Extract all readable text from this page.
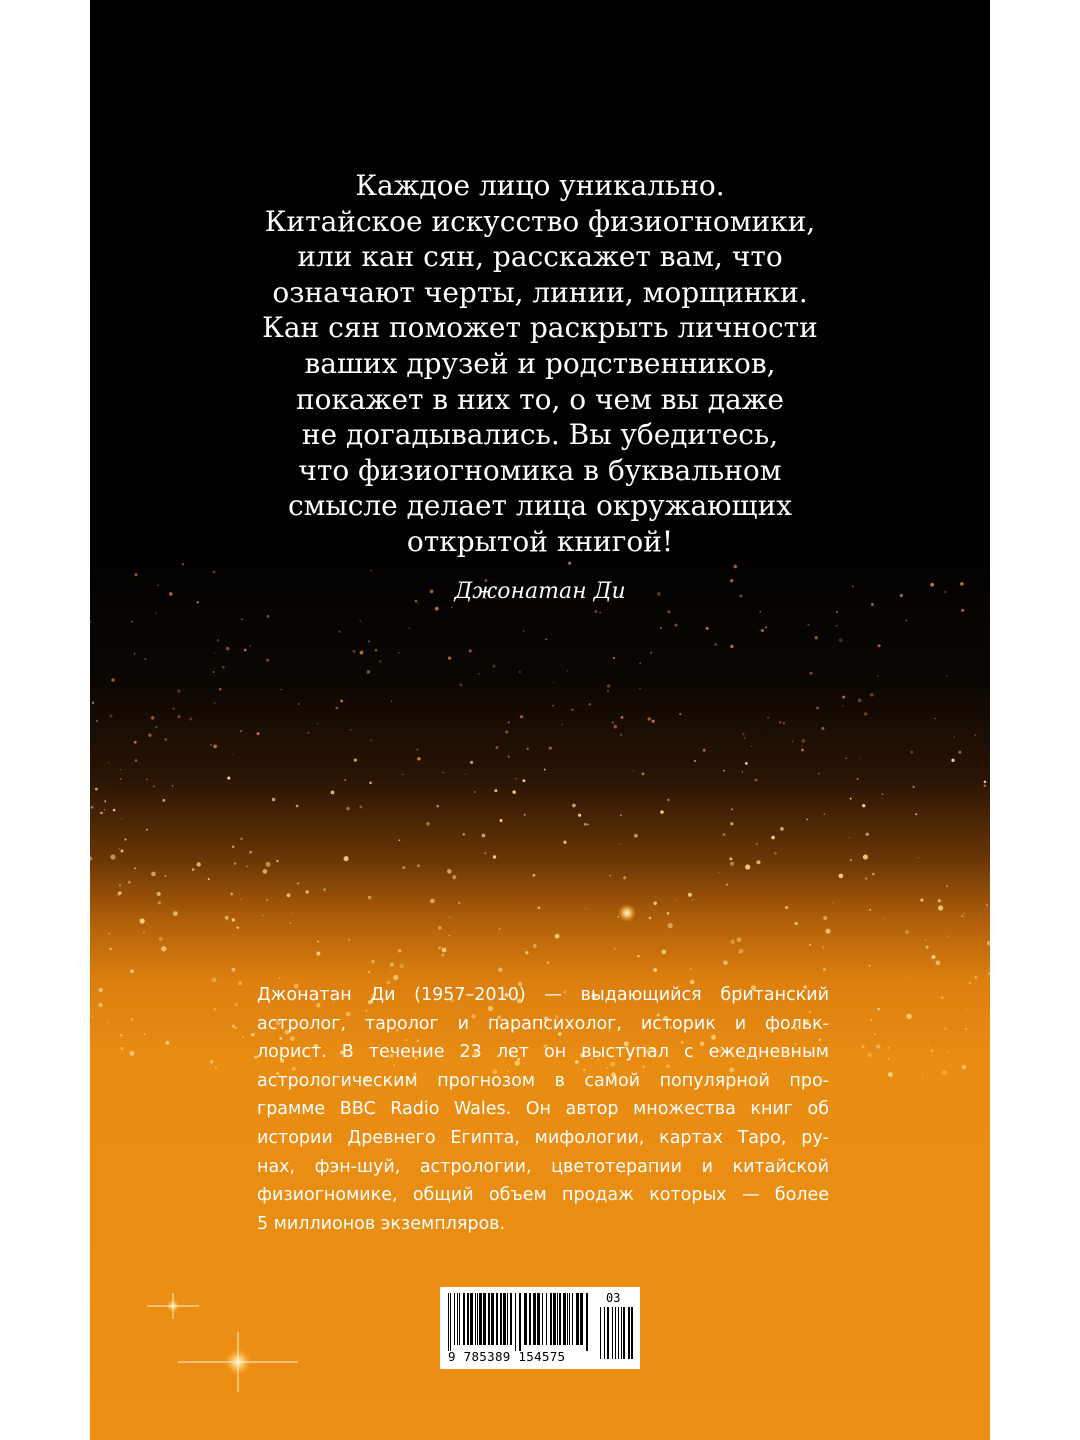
Каждое лицо уникально.
Китайское искусство физиогномики,
или кан сян, расскажет вам, что
означают черты, линии, морщинки.
Кан сян поможет раскрыть личности
ваших друзей и родственников,
покажет в них то, о чем вы даже
не догадывались. Вы убедитесь,
что физиогномика в буквальном
смысле делает лица окружающих
открытой книгой!
Джонатан Ди
Джонатан Ди (1957–2010) — выдающийся британский
астролог, таролог и парапсихолог, историк и фольк-
лорист. В течение 23 лет он выступал с ежедневным
астрологическим прогнозом в самой популярной про-
грамме BBC Radio Wales. Он автор множества книг об
истории Древнего Египта, мифологии, картах Таро, ру-
нах, фэн-шуй, астрологии, цветотерапии и китайской
физиогномике, общий объем продаж которых — более
5 миллионов экземпляров.
9 785389 154575
03
